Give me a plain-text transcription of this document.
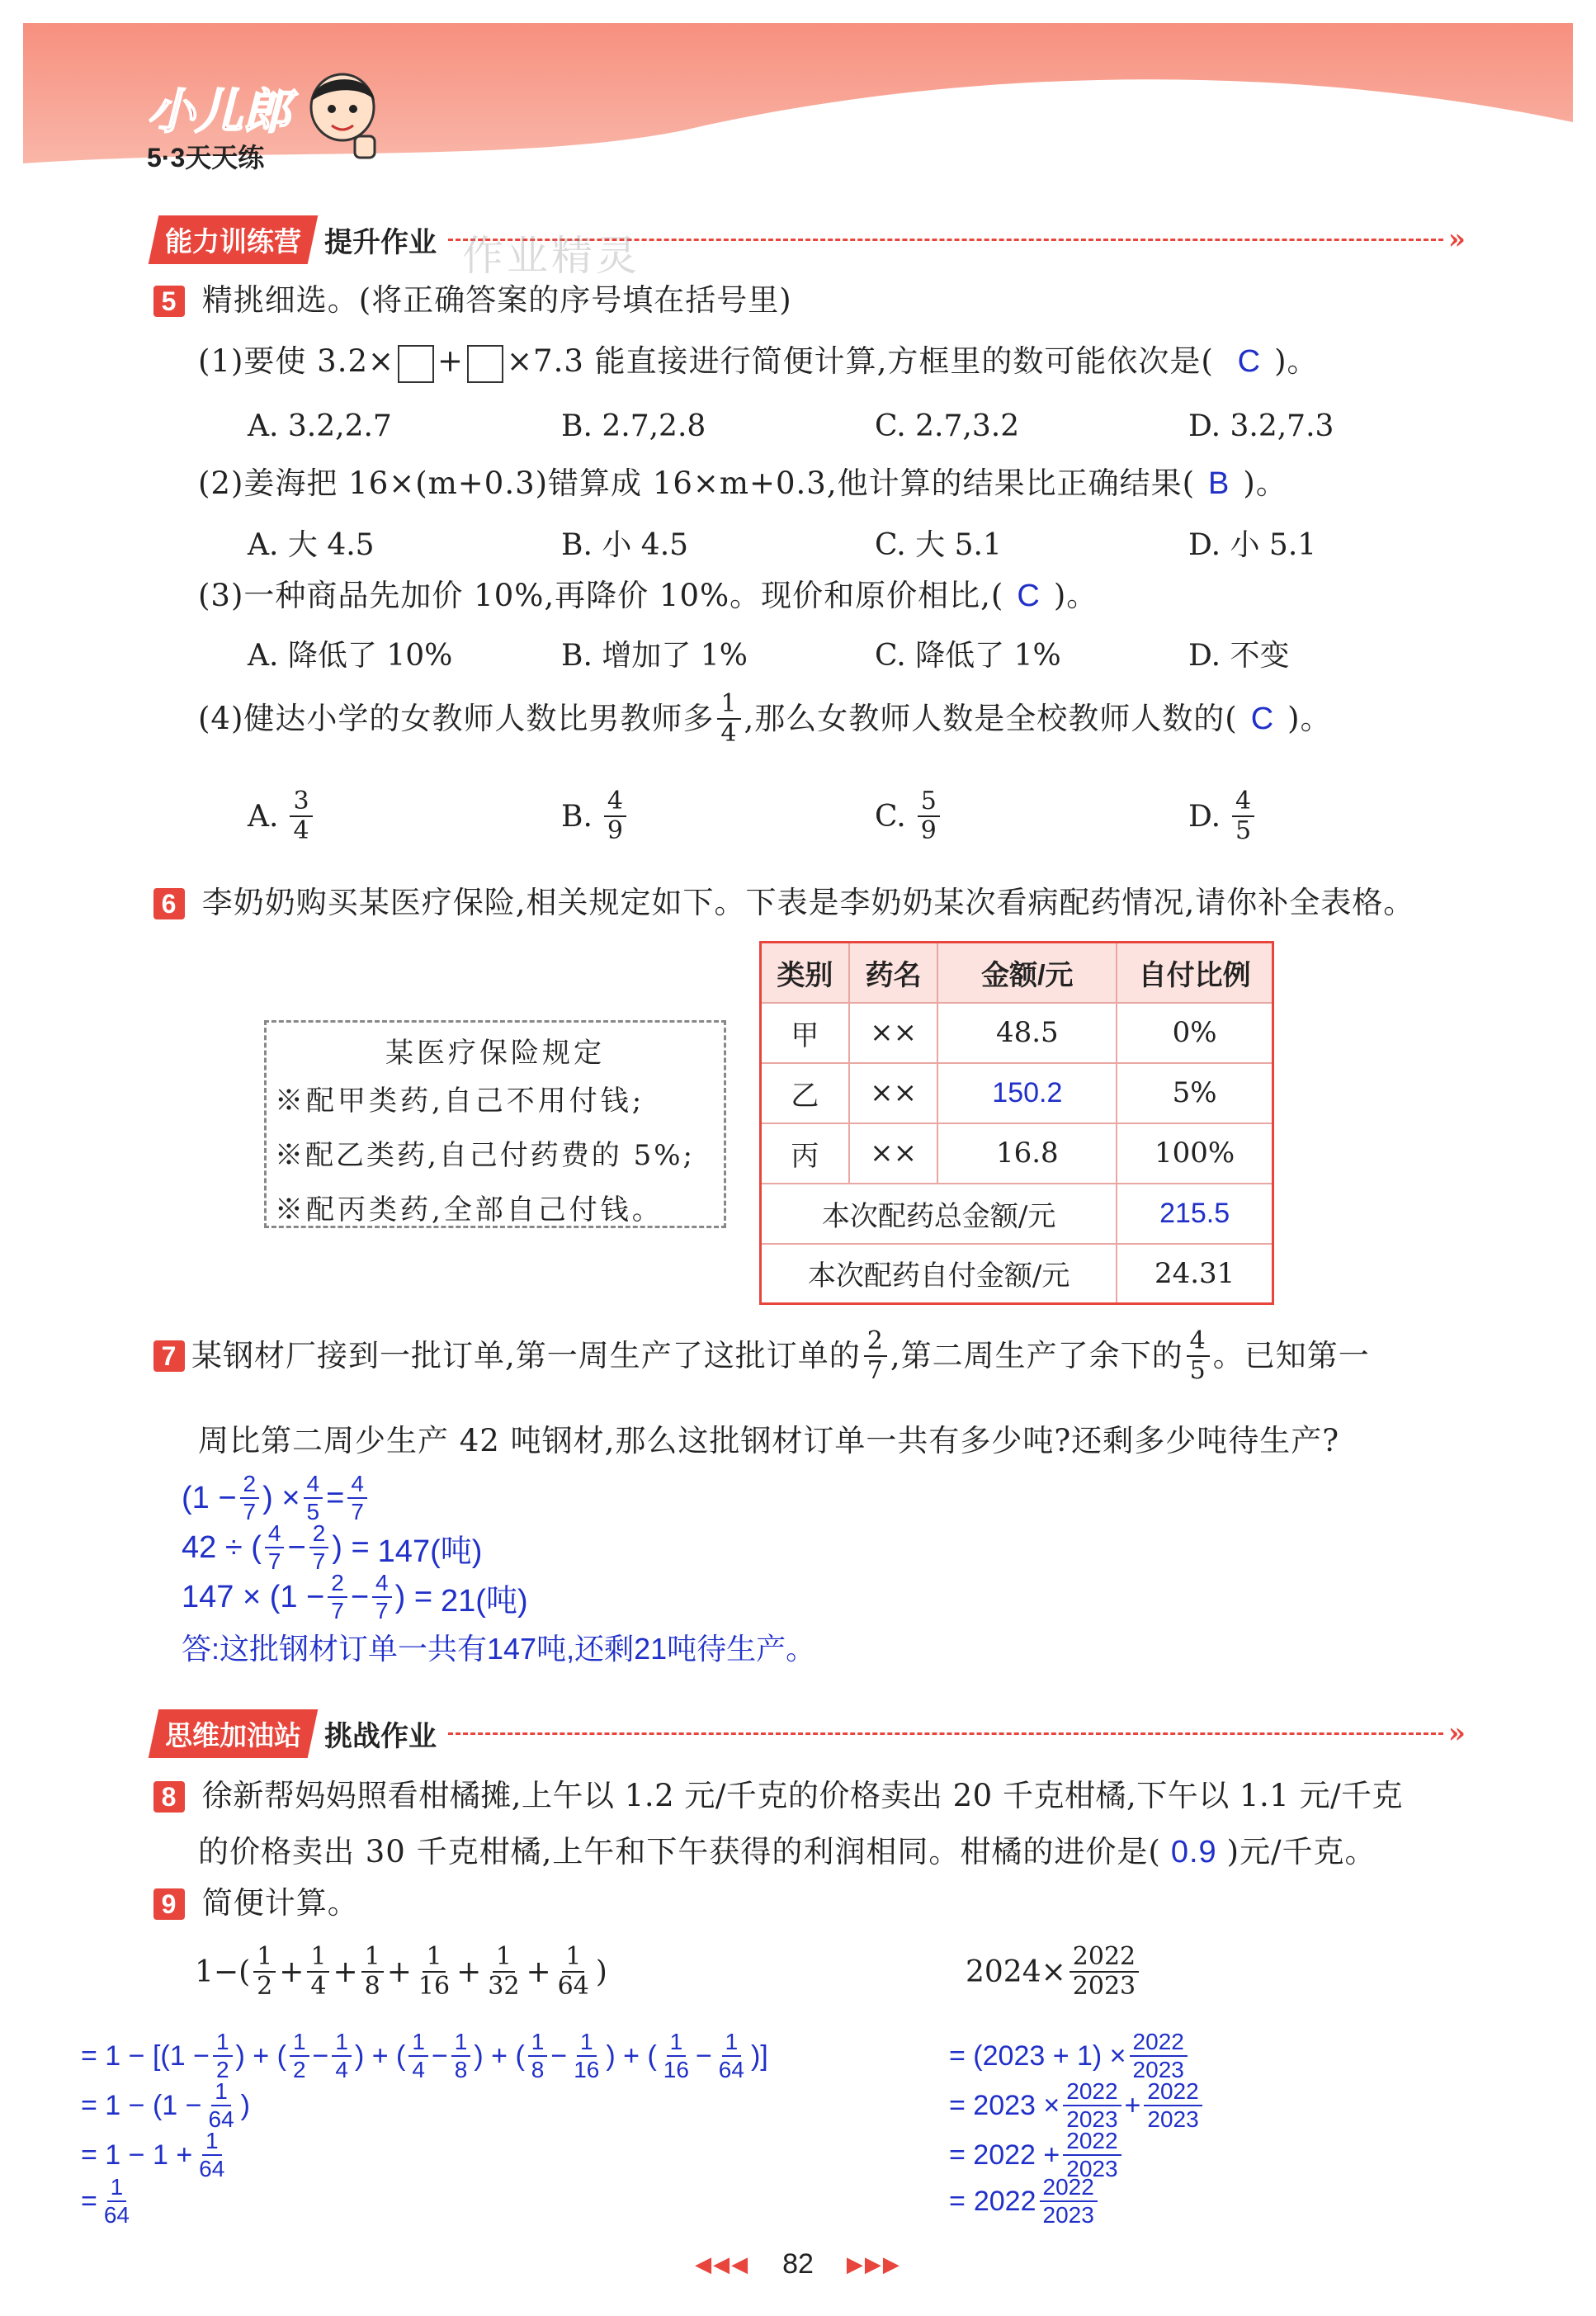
小儿郎
5·3天天练
能力训练营 提升作业	»
作业精灵
5 精挑细选。(将正确答案的序号填在括号里)
(1)要使 3.2× + ×7.3 能直接进行简便计算,方框里的数可能依次是( C )。
A. 3.2,2.7	B. 2.7,2.8	C. 2.7,3.2	D. 3.2,7.3
(2)姜海把 16×(m+0.3)错算成 16×m+0.3,他计算的结果比正确结果( B )。
A. 大 4.5	B. 小 4.5	C. 大 5.1	D. 小 5.1
(3)一种商品先加价 10%,再降价 10%。现价和原价相比,( C )。
A. 降低了 10%	B. 增加了 1%	C. 降低了 1%	D. 不变
(4)健达小学的女教师人数比男教师多 $\frac{1}{4}$ ,那么女教师人数是全校教师人数的( C )。
A. $\frac{3}{4}$	B. $\frac{4}{9}$	C. $\frac{5}{9}$	D. $\frac{4}{5}$
6 李奶奶购买某医疗保险,相关规定如下。下表是李奶奶某次看病配药情况,请你补全表格。
某医疗保险规定
※配甲类药,自己不用付钱;
※配乙类药,自己付药费的 5%;
※配丙类药,全部自己付钱。
类别	药名	金额/元	自付比例
甲	××	48.5	0%
乙	××	150.2	5%
丙	××	16.8	100%
本次配药总金额/元			215.5
本次配药自付金额/元			24.31
7 某钢材厂接到一批订单,第一周生产了这批订单的 $\frac{2}{7}$ ,第二周生产了余下的 $\frac{4}{5}$ 。已知第一
周比第二周少生产 42 吨钢材,那么这批钢材订单一共有多少吨?还剩多少吨待生产?
($1 - \frac{2}{7}$ ) × $\frac{4}{5} = \frac{4}{7}$
42 ÷ ( $\frac{4}{7} - \frac{2}{7}$ ) = 147(吨)
$147 \times (1 - \frac{2}{7} - \frac{4}{7}$ ) = 21(吨)
答:这批钢材订单一共有147吨,还剩21吨待生产。
思维加油站 挑战作业	»
8 徐新帮妈妈照看柑橘摊,上午以 1.2 元/千克的价格卖出 20 千克柑橘,下午以 1.1 元/千克
的价格卖出 30 千克柑橘,上午和下午获得的利润相同。柑橘的进价是( 0.9 )元/千克。
9 简便计算。
$1-( \frac{1}{2} + \frac{1}{4} + \frac{1}{8} + \frac{1}{16} + \frac{1}{32} + \frac{1}{64}$ )	$2024 \times \frac{2022}{2023}$
= $1 - [(1 - \frac{1}{2}$ ) + ( $\frac{1}{2} - \frac{1}{4}$ ) + ( $\frac{1}{4} - \frac{1}{8}$ ) + ( $\frac{1}{8} - \frac{1}{16}$ ) + ( $\frac{1}{16} - \frac{1}{64}$ )]
= $1 - (1 - \frac{1}{64}$ )
= $1 - 1 + \frac{1}{64}$
= $\frac{1}{64}$
= $(2023 + 1) \times \frac{2022}{2023}$
= $2023 \times \frac{2022}{2023} + \frac{2022}{2023}$
= $2022 + \frac{2022}{2023}$
= $2022 \frac{2022}{2023}$
◀◀◀ 82 ▶▶▶
